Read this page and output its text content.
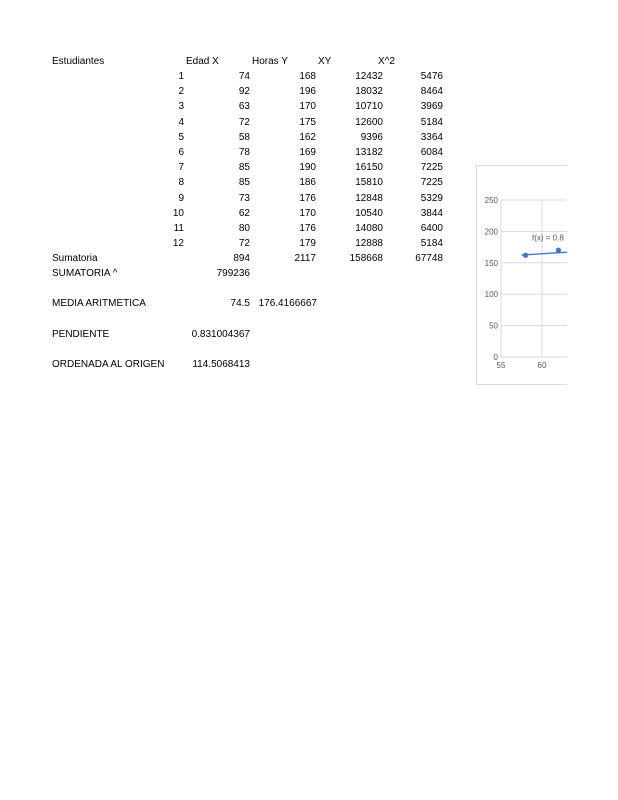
Estudiantes	Edad X	Horas Y	XY	X^2
1	74	168	12432	5476
2	92	196	18032	8464
3	63	170	10710	3969
4	72	175	12600	5184
5	58	162	9396	3364
6	78	169	13182	6084
7	85	190	16150	7225
8	85	186	15810	7225
9	73	176	12848	5329
10	62	170	10540	3844
11	80	176	14080	6400
12	72	179	12888	5184
Sumatoria	894	2117	158668	67748
SUMATORIA ^	799236
MEDIA ARITMETICA	74.5 176.4166667
PENDIENTE	0.831004367
ORDENADA AL ORIGEN	114.5068413
0
50
100
150
200
250
55	60
f(x) = 0.8
